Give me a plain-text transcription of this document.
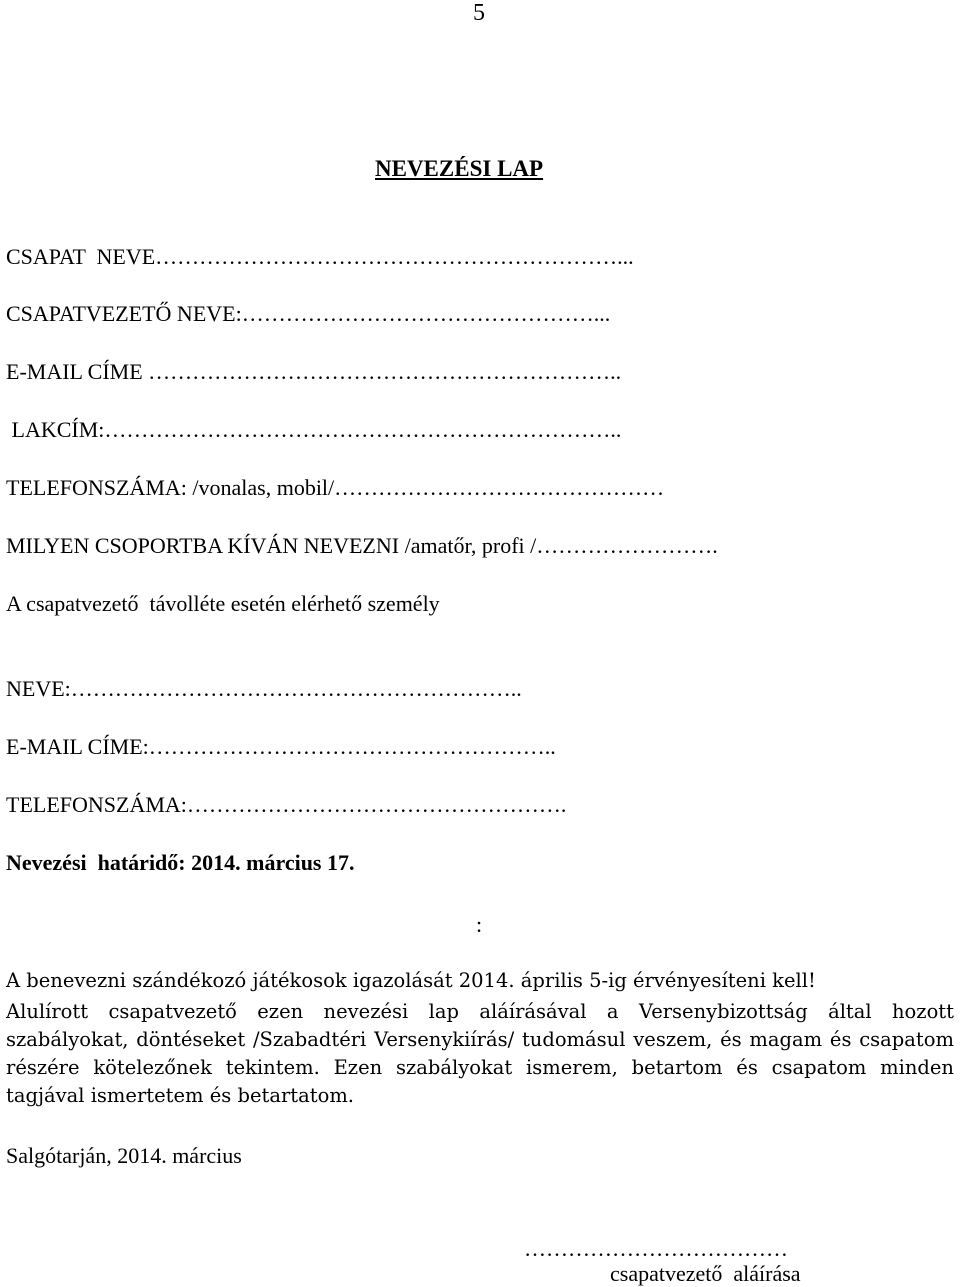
5
NEVEZÉSI LAP
CSAPAT  NEVE………………………………………………………...
CSAPATVEZETŐ NEVE:…………………………………………...
E-MAIL CÍME ………………………………………………………..
LAKCÍM:……………………………………………………………..
TELEFONSZÁMA: /vonalas, mobil/………………………………………
MILYEN CSOPORTBA KÍVÁN NEVEZNI /amatőr, profi /…………………….
A csapatvezető  távolléte esetén elérhető személy
NEVE:……………………………………………………..
E-MAIL CÍME:………………………………………………..
TELEFONSZÁMA:…………………………………………….
Nevezési  határidő: 2014. március 17.
:
A benevezni szándékozó játékosok igazolását 2014. április 5-ig érvényesíteni kell!
Alulírott csapatvezető ezen nevezési lap aláírásával a Versenybizottság által hozott szabályokat, döntéseket /Szabadtéri Versenykiírás/ tudomásul veszem, és magam és csapatom részére kötelezőnek tekintem. Ezen szabályokat ismerem, betartom és csapatom minden tagjával ismertetem és betartatom.
Salgótarján, 2014. március
………………………………
csapatvezető  aláírása
